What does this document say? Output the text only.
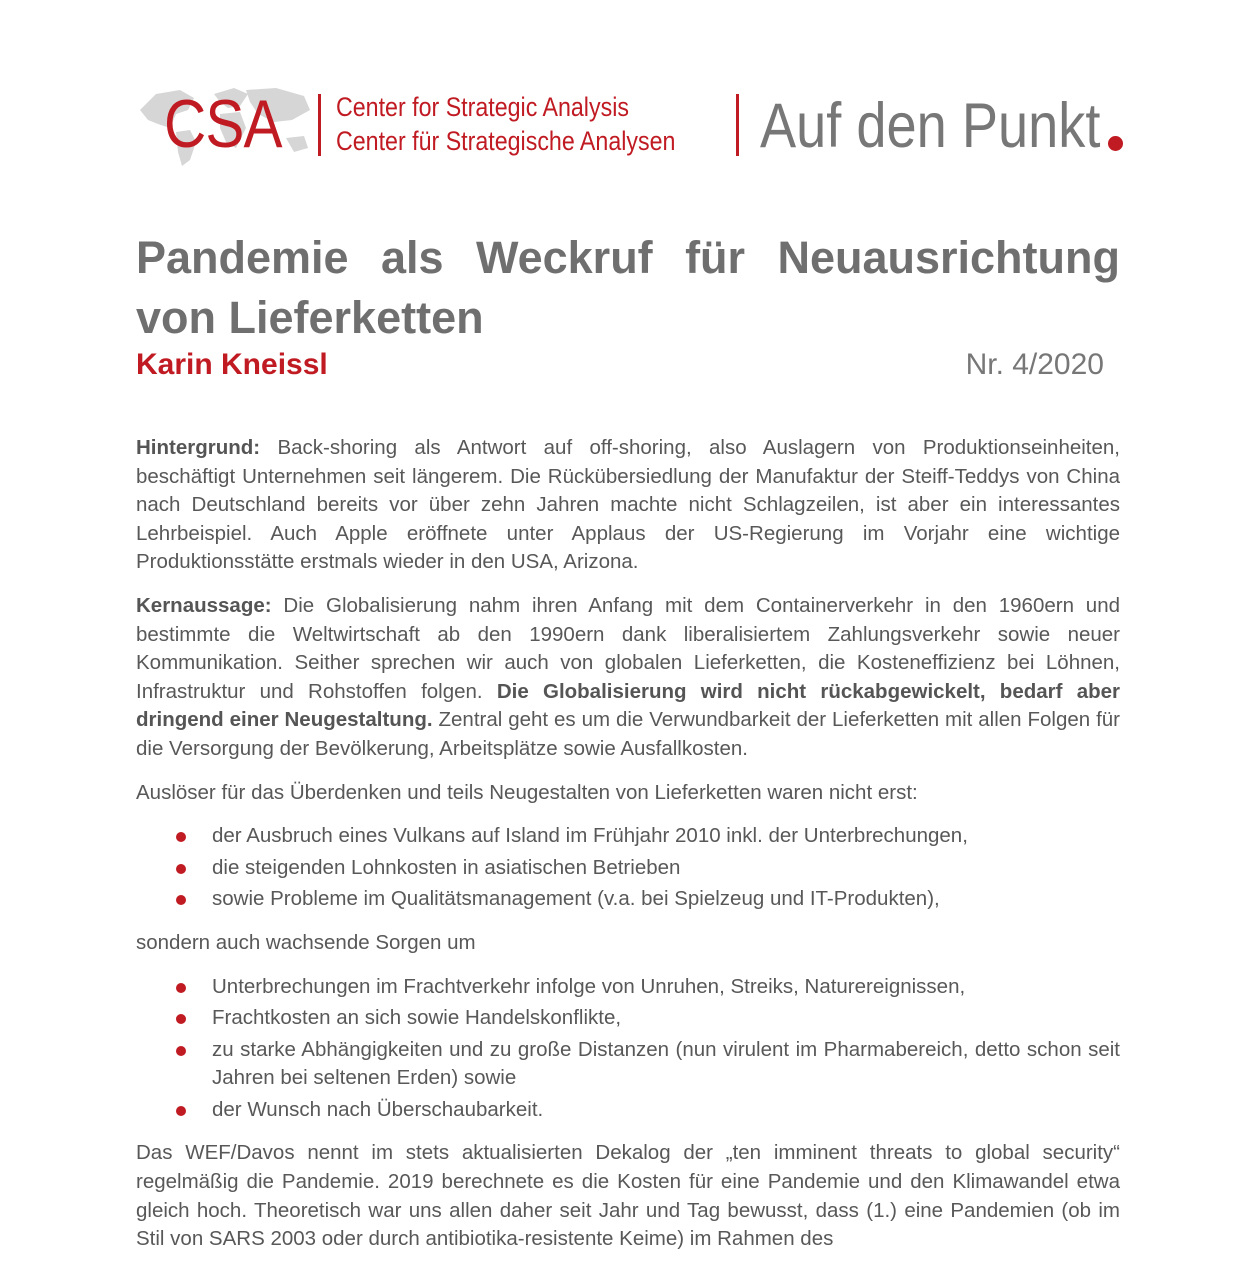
CSA Center for Strategic Analysis
Center für Strategische Analysen Auf den Punkt
Pandemie als Weckruf für Neuausrichtung von Lieferketten
Karin Kneissl	Nr. 4/2020

Hintergrund: Back-shoring als Antwort auf off-shoring, also Auslagern von Produktionseinheiten, beschäftigt Unternehmen seit längerem. Die Rückübersiedlung der Manufaktur der Steiff-Teddys von China nach Deutschland bereits vor über zehn Jahren machte nicht Schlagzeilen, ist aber ein interessantes Lehrbeispiel. Auch Apple eröffnete unter Applaus der US-Regierung im Vorjahr eine wichtige Produktionsstätte erstmals wieder in den USA, Arizona.

Kernaussage: Die Globalisierung nahm ihren Anfang mit dem Containerverkehr in den 1960ern und bestimmte die Weltwirtschaft ab den 1990ern dank liberalisiertem Zahlungsverkehr sowie neuer Kommunikation. Seither sprechen wir auch von globalen Lieferketten, die Kosteneffizienz bei Löhnen, Infrastruktur und Rohstoffen folgen. Die Globalisierung wird nicht rückabgewickelt, bedarf aber dringend einer Neugestaltung. Zentral geht es um die Verwundbarkeit der Lieferketten mit allen Folgen für die Versorgung der Bevölkerung, Arbeitsplätze sowie Ausfallkosten.

Auslöser für das Überdenken und teils Neugestalten von Lieferketten waren nicht erst:

der Ausbruch eines Vulkans auf Island im Frühjahr 2010 inkl. der Unterbrechungen,
die steigenden Lohnkosten in asiatischen Betrieben
sowie Probleme im Qualitätsmanagement (v.a. bei Spielzeug und IT-Produkten),

sondern auch wachsende Sorgen um

Unterbrechungen im Frachtverkehr infolge von Unruhen, Streiks, Naturereignissen,
Frachtkosten an sich sowie Handelskonflikte,
zu starke Abhängigkeiten und zu große Distanzen (nun virulent im Pharmabereich, detto schon seit Jahren bei seltenen Erden) sowie
der Wunsch nach Überschaubarkeit.

Das WEF/Davos nennt im stets aktualisierten Dekalog der „ten imminent threats to global security“ regelmäßig die Pandemie. 2019 berechnete es die Kosten für eine Pandemie und den Klimawandel etwa gleich hoch. Theoretisch war uns allen daher seit Jahr und Tag bewusst, dass (1.) eine Pandemien (ob im Stil von SARS 2003 oder durch antibiotika-resistente Keime) im Rahmen des
